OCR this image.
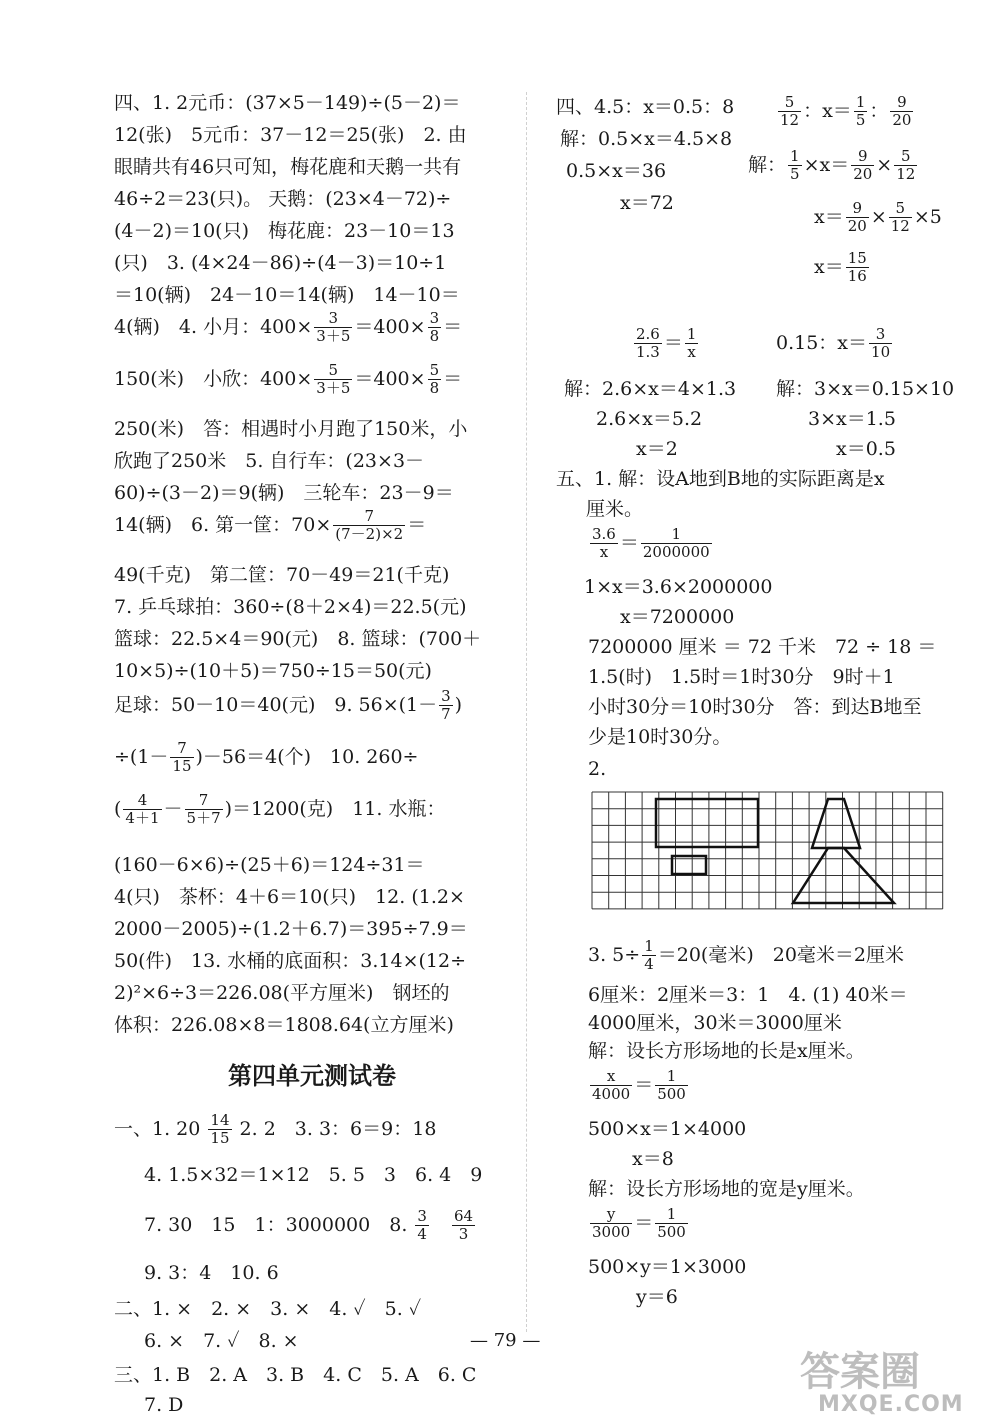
四、1. 2元币：(37×5－149)÷(5－2)＝
12(张)　5元币：37－12＝25(张)　2. 由
眼睛共有46只可知，梅花鹿和天鹅一共有
46÷2＝23(只)。 天鹅：(23×4－72)÷
(4－2)＝10(只)　梅花鹿：23－10＝13
(只)　3. (4×24－86)÷(4－3)＝10÷1
＝10(辆)　24－10＝14(辆)　14－10＝
4(辆)　4. 小月：$400\times \frac{3}{3+5} =400\times \frac{3}{8}$ ＝
150(米)　小欣：$400\times \frac{5}{3+5} =400\times \frac{5}{8}$ ＝
250(米)　答：相遇时小月跑了150米，小
欣跑了250米　5. 自行车：(23×3－
60)÷(3－2)＝9(辆)　三轮车：23－9＝
14(辆)　6. 第一筐：$70\times \frac{7}{(7-2)\times 2}$ ＝
49(千克)　第二筐：70－49＝21(千克)
7. 乒乓球拍：360÷(8＋2×4)＝22.5(元)
篮球：22.5×4＝90(元)　8. 篮球：(700＋
10×5)÷(10＋5)＝750÷15＝50(元)
足球：50－10＝40(元)　9. $56\times(1- \frac{3}{7}$ )
$\div(1- \frac{7}{15} )-56=4$(个)　10. 260÷
( $\frac{4}{4+1} - \frac{7}{5+7} )=1200$(克)　11. 水瓶：
(160－6×6)÷(25＋6)＝124÷31＝
4(只)　茶杯：4＋6＝10(只)　12. (1.2×
2000－2005)÷(1.2＋6.7)＝395÷7.9＝
50(件)　13. 水桶的底面积：3.14×(12÷
2)²×6÷3＝226.08(平方厘米)　钢坯的
体积：226.08×8＝1808.64(立方厘米)
第四单元测试卷
一、1. $20 \frac{14}{15} 2$. 2　3. 3：6＝9：18
4. 1.5×32＝1×12　5. 5　3　6. 4　9
7. 30　15　1：3000000　8. $\frac{3}{4}$
　 $\frac{64}{3}$
9. 3：4　10. 6
二、1. ×　2. ×　3. ×　4. ✓　5. ✓
6. ×　7. ✓　8. ×
三、1. B　2. A　3. B　4. C　5. A　6. C
7. D
四、4.5：x＝0.5：8
解：0.5×x＝4.5×8
0.5×x＝36
x＝72
$\frac{5}{12}$ ：$x= \frac{1}{5}$ ： $\frac{9}{20}$
解： $\frac{1}{5} \times x= \frac{9}{20} \times \frac{5}{12}$
$x= \frac{9}{20} \times \frac{5}{12} \times 5$
$x= \frac{15}{16}$
$\frac{2.6}{1.3} = \frac{1}{x}$
解：2.6×x＝4×1.3
2.6×x＝5.2
x＝2
0.15：$x= \frac{3}{10}$
解：3×x＝0.15×10
3×x＝1.5
x＝0.5
五、1. 解：设A地到B地的实际距离是x
厘米。
$\frac{3.6}{x} = \frac{1}{2000000}$
1×x＝3.6×2000000
x＝7200000
7200000 厘米 ＝ 72 千米　72 ÷ 18 ＝
1.5(时)　1.5时＝1时30分　9时＋1
小时30分＝10时30分　答：到达B地至
少是10时30分。
2.
3. $5\div \frac{1}{4} =20$(毫米)　20毫米＝2厘米
6厘米：2厘米＝3：1　4. (1) 40米＝
4000厘米，30米＝3000厘米
解：设长方形场地的长是x厘米。
$\frac{x}{4000} = \frac{1}{500}$
500×x＝1×4000
x＝8
解：设长方形场地的宽是y厘米。
$\frac{y}{3000} = \frac{1}{500}$
500×y＝1×3000
y＝6
— 79 —
答案圈
MXQE.COM
